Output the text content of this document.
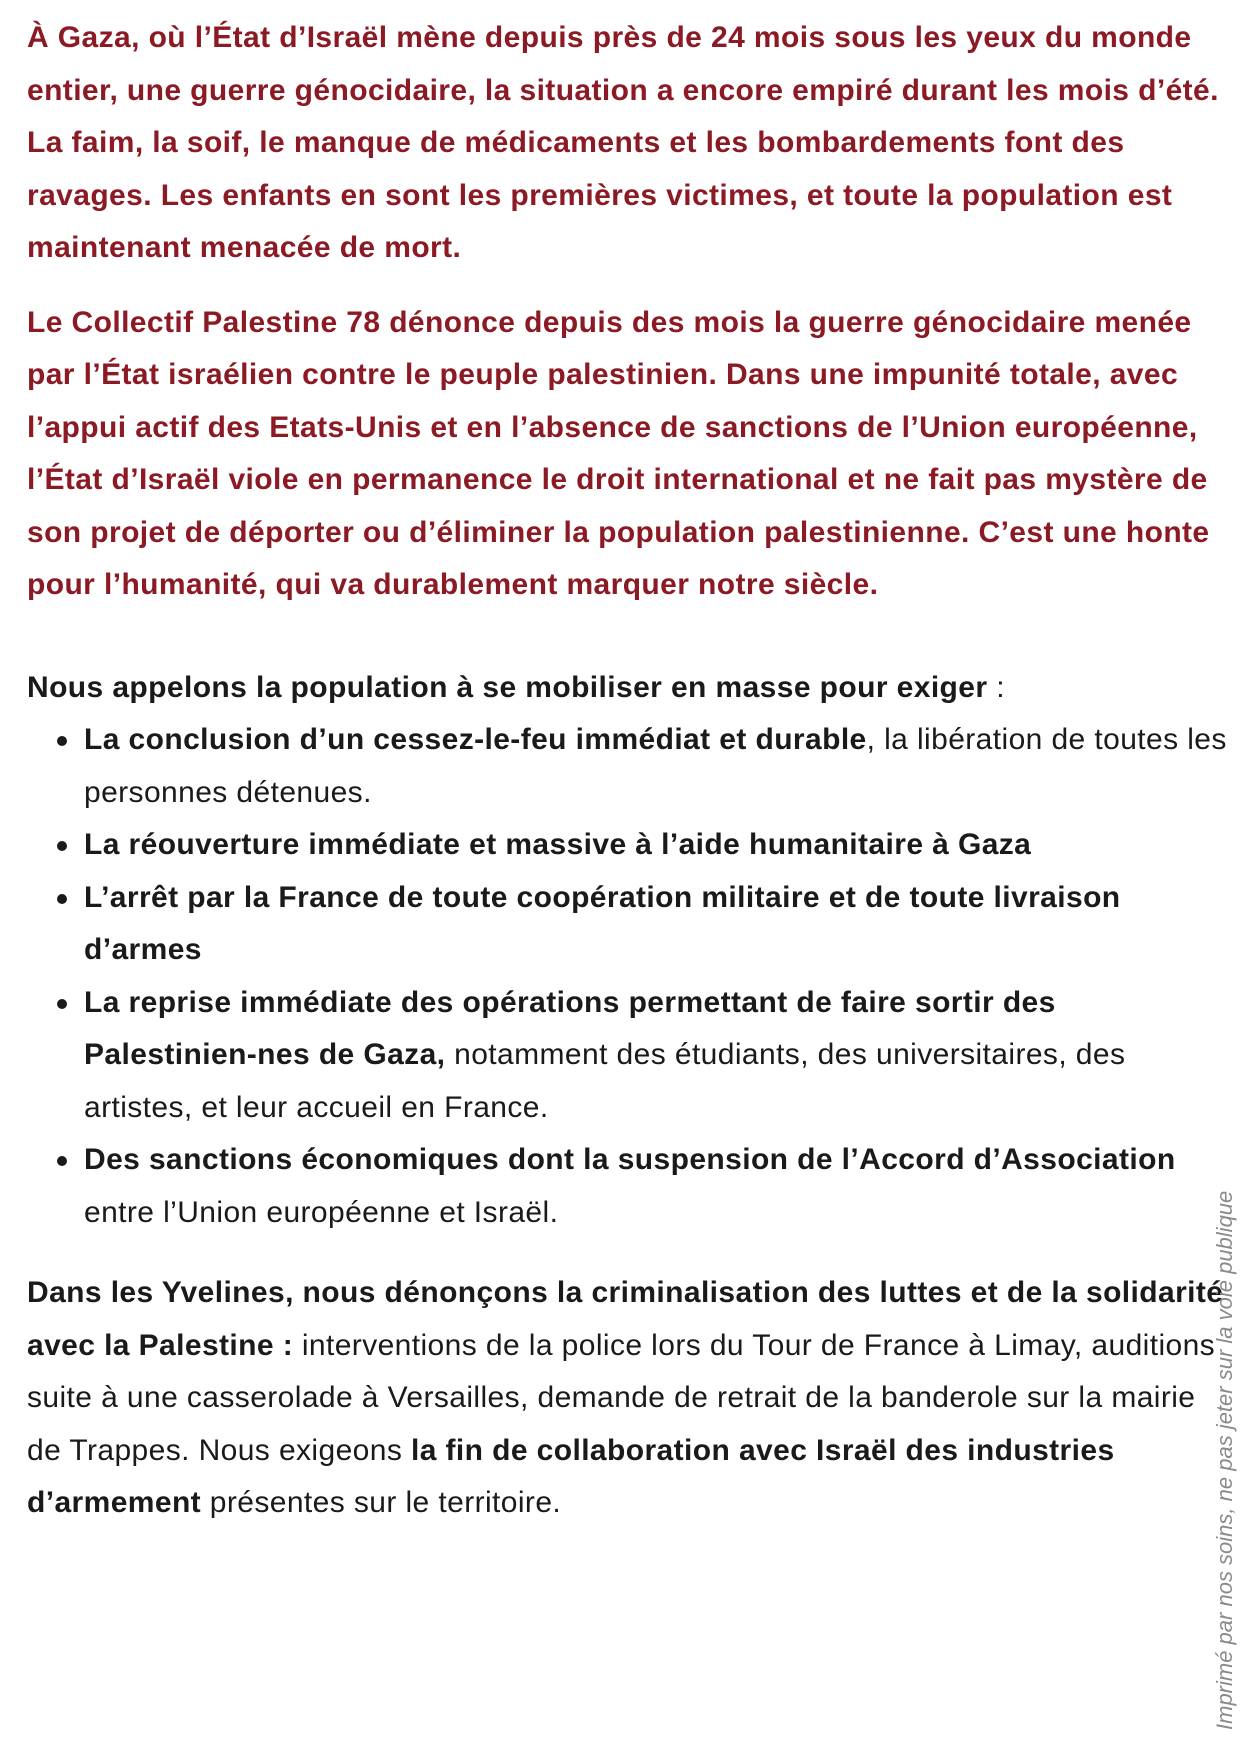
À Gaza, où l’État d’Israël mène depuis près de 24 mois sous les yeux du monde entier, une guerre génocidaire, la situation a encore empiré durant les mois d’été. La faim, la soif, le manque de médicaments et les bombardements font des ravages. Les enfants en sont les premières victimes, et toute la population est maintenant menacée de mort.

Le Collectif Palestine 78 dénonce depuis des mois la guerre génocidaire menée par l’État israélien contre le peuple palestinien. Dans une impunité totale, avec l’appui actif des Etats-Unis et en l’absence de sanctions de l’Union européenne, l’État d’Israël viole en permanence le droit international et ne fait pas mystère de son projet de déporter ou d’éliminer la population palestinienne. C’est une honte pour l’humanité, qui va durablement marquer notre siècle.

Nous appelons la population à se mobiliser en masse pour exiger :

La conclusion d’un cessez-le-feu immédiat et durable, la libération de toutes les personnes détenues.
La réouverture immédiate et massive à l’aide humanitaire à Gaza
L’arrêt par la France de toute coopération militaire et de toute livraison d’armes
La reprise immédiate des opérations permettant de faire sortir des Palestinien-nes de Gaza, notamment des étudiants, des universitaires, des artistes, et leur accueil en France.
Des sanctions économiques dont la suspension de l’Accord d’Association entre l’Union européenne et Israël.

Dans les Yvelines, nous dénonçons la criminalisation des luttes et de la solidarité avec la Palestine : interventions de la police lors du Tour de France à Limay, auditions suite à une casserolade à Versailles, demande de retrait de la banderole sur la mairie de Trappes. Nous exigeons la fin de collaboration avec Israël des industries d’armement présentes sur le territoire.	Imprimé par nos soins, ne pas jeter sur la voie publique
